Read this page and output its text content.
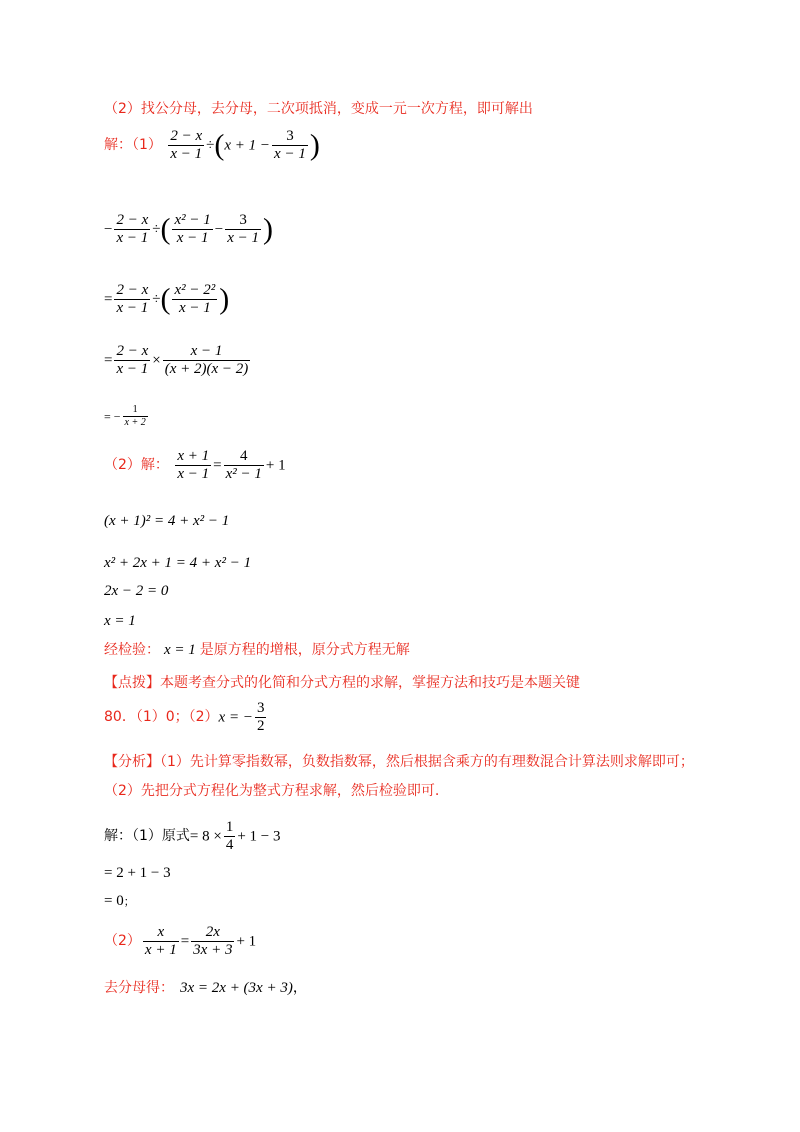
（2）找公分母，去分母，二次项抵消，变成一元一次方程，即可解出
解：$(1) \frac{2 - x}{x - 1} \div(x + 1 - \frac{3}{x - 1}$ )
− $\frac{2 - x}{x - 1}$ ÷( $\frac{\text{x² − 1}}{x - 1} - \frac{3}{x - 1}$ )
= $\frac{2 - x}{x - 1}$ ÷( $\frac{\text{x² − 2²}}{x - 1}$ )
= $\frac{2 - x}{x - 1} \times \frac{x - 1}{(x + 2)(x - 2)}$
= − $\frac{1}{x + 2}$
（2）解： $\frac{x + 1}{x - 1} = \frac{4}{\text{x² − 1}} + 1$
(x + 1)² = 4 + x² − 1
x² + 2x + 1 = 4 + x² − 1
2x − 2 = 0
x = 1
经检验： x = 1 是原方程的增根，原分式方程无解
【点拨】本题考查分式的化简和分式方程的求解，掌握方法和技巧是本题关键
80．（1）0；（2）x = − $\frac{3}{2}$
【分析】（1）先计算零指数幂，负数指数幂，然后根据含乘方的有理数混合计算法则求解即可；
（2）先把分式方程化为整式方程求解，然后检验即可.
解：（1）原式= $8 \times \frac{1}{4} + 1 - 3$
= 2 + 1 − 3
= 0；
$(2) \frac{x}{x + 1} = \frac{2x}{3x + 3} + 1$
去分母得： 3x = 2x + (3x + 3)，
